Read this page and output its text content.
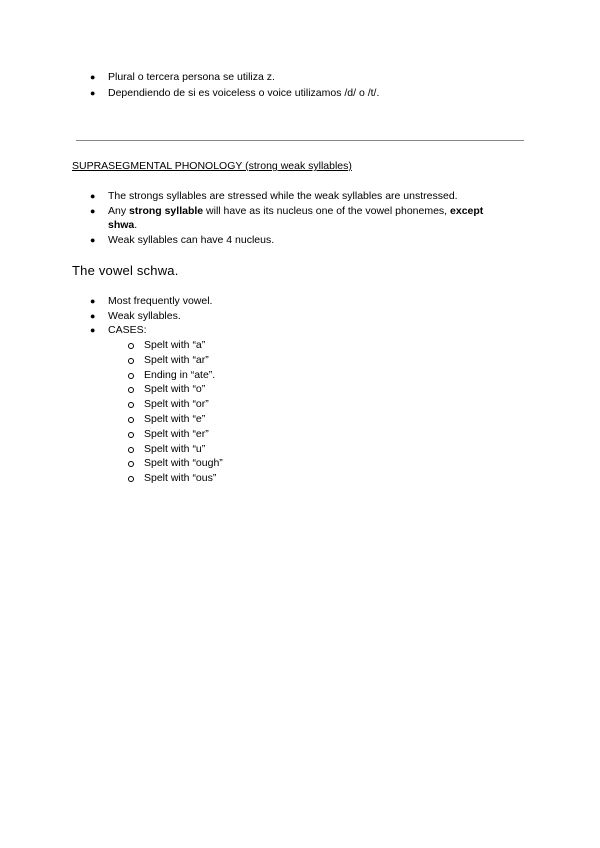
● Plural o tercera persona se utiliza z.
● Dependiendo de si es voiceless o voice utilizamos /d/ o /t/.
SUPRASEGMENTAL PHONOLOGY (strong weak syllables)
● The strongs syllables are stressed while the weak syllables are unstressed.
● Any strong syllable will have as its nucleus one of the vowel phonemes, except
shwa.
● Weak syllables can have 4 nucleus.
The vowel schwa.
● Most frequently vowel.
● Weak syllables.
● CASES:
Spelt with “a”
Spelt with “ar”
Ending in “ate”.
Spelt with “o”
Spelt with “or”
Spelt with “e”
Spelt with “er”
Spelt with “u”
Spelt with “ough”
Spelt with “ous”
